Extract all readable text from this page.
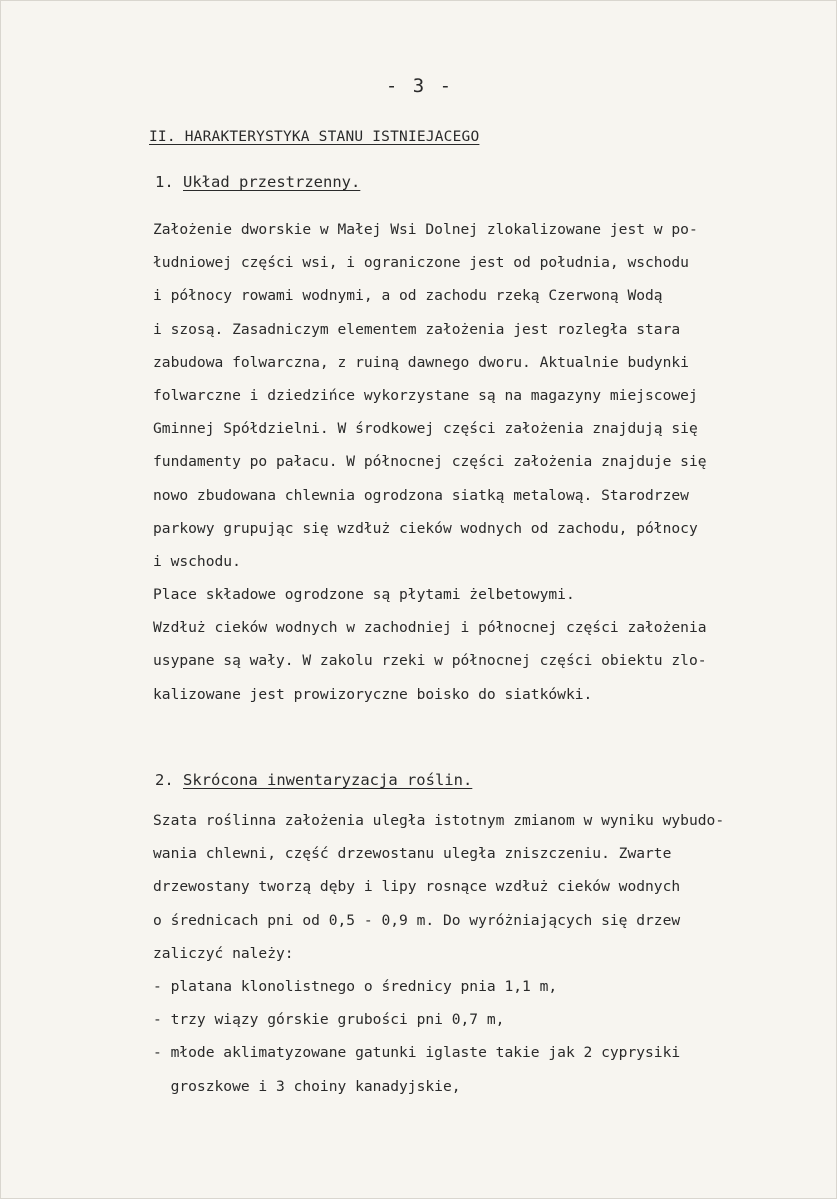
- 3 -
II. HARAKTERYSTYKA STANU ISTNIEJACEGO
1. Układ przestrzenny.
Założenie dworskie w Małej Wsi Dolnej zlokalizowane jest w po-
łudniowej części wsi, i ograniczone jest od południa, wschodu
i północy rowami wodnymi, a od zachodu rzeką Czerwoną Wodą
i szosą. Zasadniczym elementem założenia jest rozległa stara
zabudowa folwarczna, z ruiną dawnego dworu. Aktualnie budynki
folwarczne i dziedzińce wykorzystane są na magazyny miejscowej
Gminnej Spółdzielni. W środkowej części założenia znajdują się
fundamenty po pałacu. W północnej części założenia znajduje się
nowo zbudowana chlewnia ogrodzona siatką metalową. Starodrzew
parkowy grupując się wzdłuż cieków wodnych od zachodu, północy
i wschodu.
Place składowe ogrodzone są płytami żelbetowymi.
Wzdłuż cieków wodnych w zachodniej i północnej części założenia
usypane są wały. W zakolu rzeki w północnej części obiektu zlo-
kalizowane jest prowizoryczne boisko do siatkówki.
2. Skrócona inwentaryzacja roślin.
Szata roślinna założenia uległa istotnym zmianom w wyniku wybudo-
wania chlewni, część drzewostanu uległa zniszczeniu. Zwarte
drzewostany tworzą dęby i lipy rosnące wzdłuż cieków wodnych
o średnicach pni od 0,5 - 0,9 m. Do wyróżniających się drzew
zaliczyć należy:
- platana klonolistnego o średnicy pnia 1,1 m,
- trzy wiązy górskie grubości pni 0,7 m,
- młode aklimatyzowane gatunki iglaste takie jak 2 cyprysiki
groszkowe i 3 choiny kanadyjskie,
